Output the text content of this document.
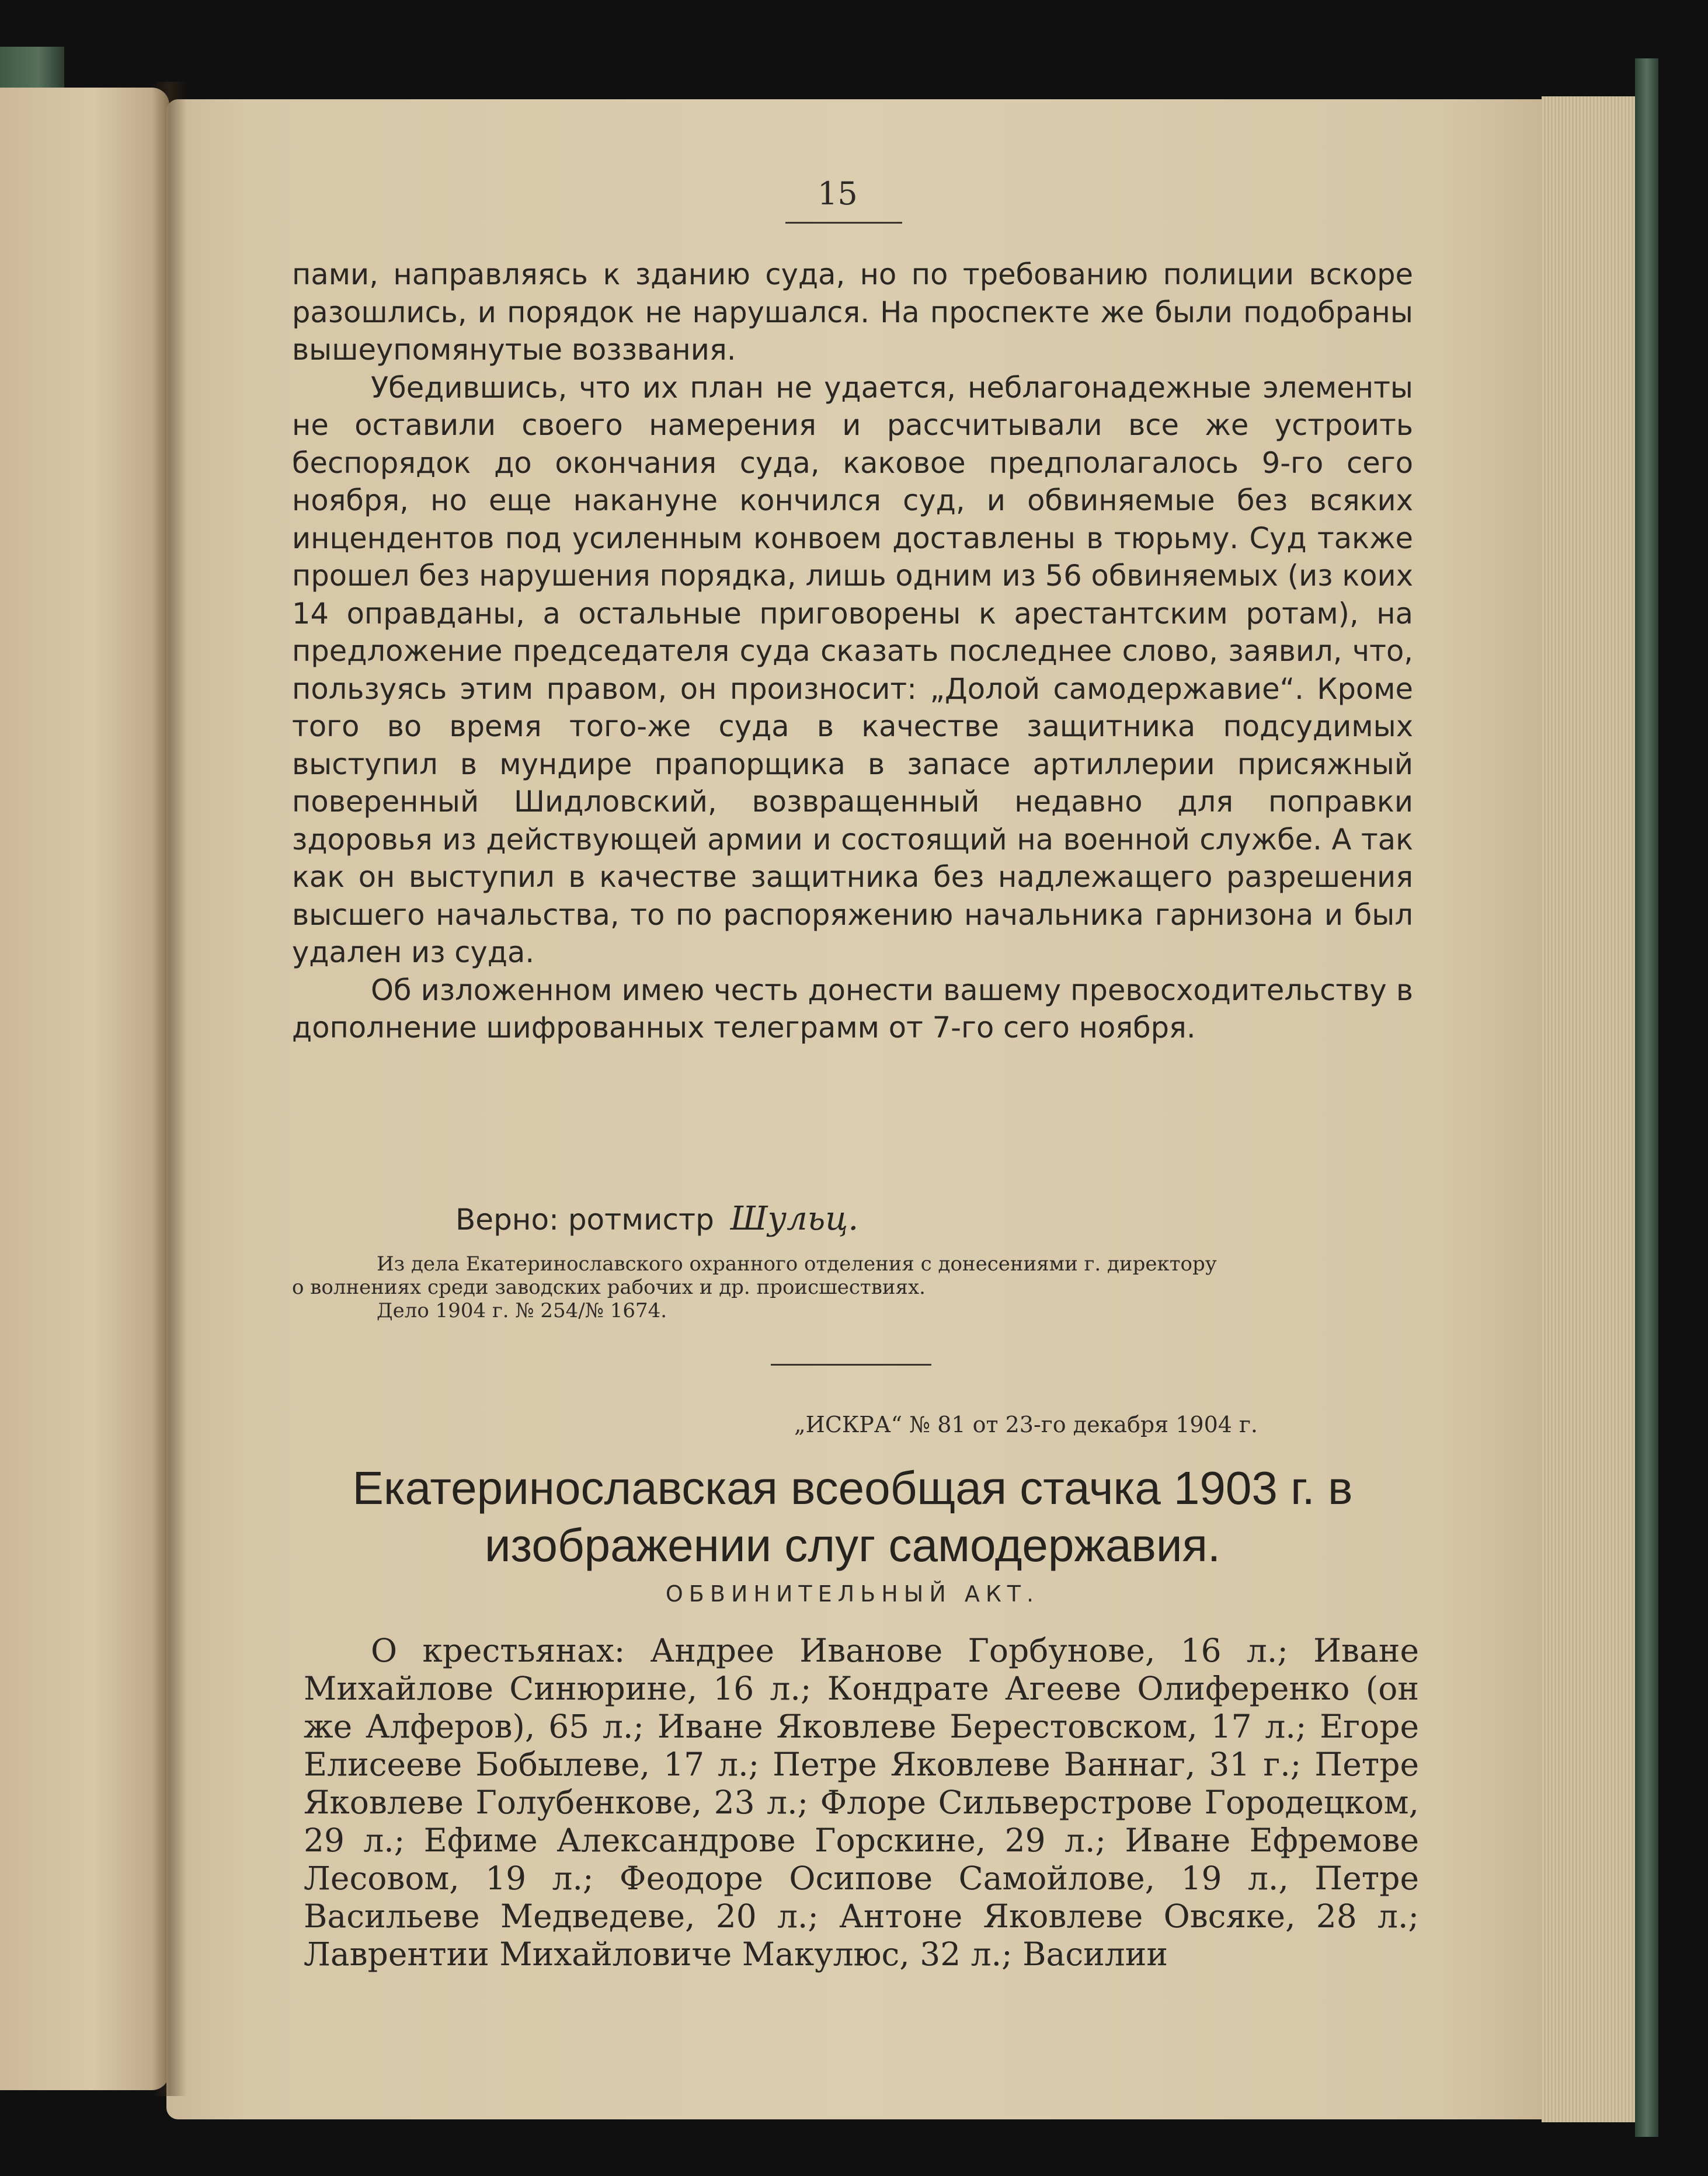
15

пами, направляясь к зданию суда, но по требованию полиции вскоре разошлись, и порядок не нарушался. На проспекте же были подобраны вышеупомянутые воззвания.

Убедившись, что их план не удается, неблагонадежные элементы не оставили своего намерения и рассчитывали все же устроить беспорядок до окончания суда, каковое предполагалось 9-го сего ноября, но еще накануне кончился суд, и обвиняемые без всяких инцендентов под усиленным конвоем доставлены в тюрьму. Суд также прошел без нарушения порядка, лишь одним из 56 обвиняемых (из коих 14 оправданы, а остальные приговорены к арестантским ротам), на предложение председателя суда сказать последнее слово, заявил, что, пользуясь этим правом, он произносит: „Долой самодержавие“. Кроме того во время того-же суда в качестве защитника подсудимых выступил в мундире прапорщика в запасе артиллерии присяжный поверенный Шидловский, возвращенный недавно для поправки здоровья из действующей армии и состоящий на военной службе. А так как он выступил в качестве защитника без надлежащего разрешения высшего начальства, то по распоряжению начальника гарнизона и был удален из суда.

Об изложенном имею честь донести вашему превосходительству в дополнение шифрованных телеграмм от 7-го сего ноября.

Верно: ротмистр Шульц.
Из дела Екатеринославского охранного отделения с донесениями г. директору
о волнениях среди заводских рабочих и др. происшествиях.
Дело 1904 г. № 254/№ 1674.
„ИСКРА“ № 81 от 23-го декабря 1904 г.
Екатеринославская всеобщая стачка 1903 г. в
изображении слуг самодержавия.
ОБВИНИТЕЛЬНЫЙ АКТ.

О крестьянах: Андрее Иванове Горбунове, 16 л.; Иване Михайлове Синюрине, 16 л.; Кондрате Агееве Олиференко (он же Алферов), 65 л.; Иване Яковлеве Берестовском, 17 л.; Егоре Елисееве Бобылеве, 17 л.; Петре Яковлеве Ваннаг, 31 г.; Петре Яковлеве Голубенкове, 23 л.; Флоре Сильверстрове Городецком, 29 л.; Ефиме Александрове Горскине, 29 л.; Иване Ефремове Лесовом, 19 л.; Феодоре Осипове Самойлове, 19 л., Петре Васильеве Медведеве, 20 л.; Антоне Яковлеве Овсяке, 28 л.; Лаврентии Михайловиче Макулюс, 32 л.; Василии
